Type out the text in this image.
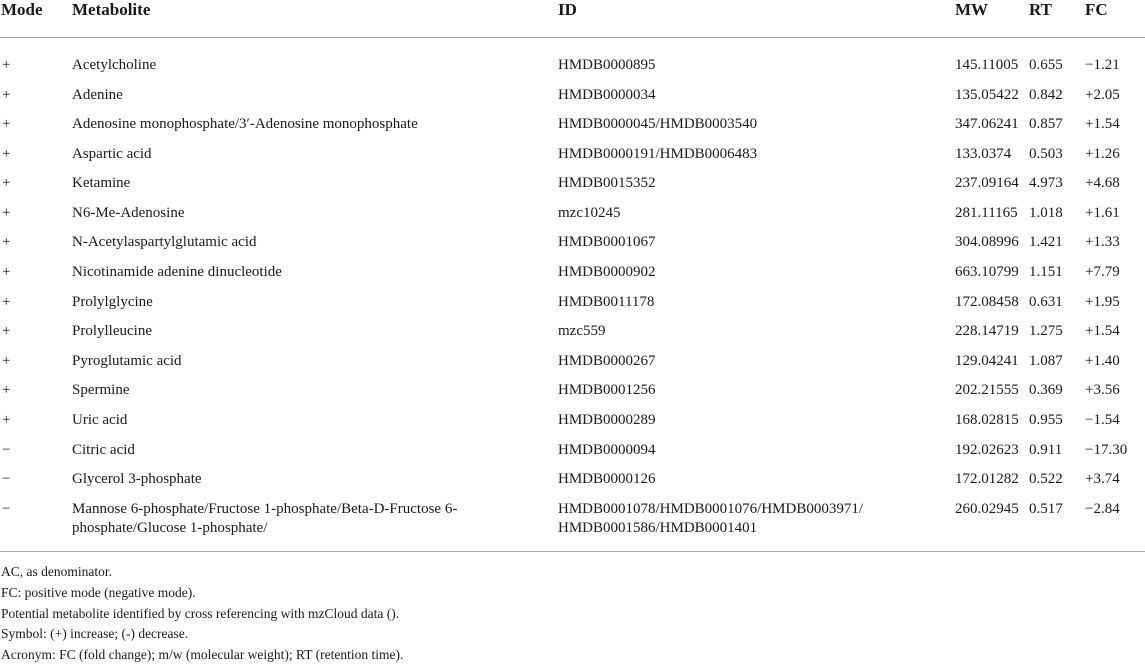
Mode	Metabolite	ID	MW	RT	FC
+	Acetylcholine	HMDB0000895	145.11005	0.655	−1.21
+	Adenine	HMDB0000034	135.05422	0.842	+2.05
+	Adenosine monophosphate/3′-Adenosine monophosphate	HMDB0000045/HMDB0003540	347.06241	0.857	+1.54
+	Aspartic acid	HMDB0000191/HMDB0006483	133.0374	0.503	+1.26
+	Ketamine	HMDB0015352	237.09164	4.973	+4.68
+	N6-Me-Adenosine	mzc10245	281.11165	1.018	+1.61
+	N-Acetylaspartylglutamic acid	HMDB0001067	304.08996	1.421	+1.33
+	Nicotinamide adenine dinucleotide	HMDB0000902	663.10799	1.151	+7.79
+	Prolylglycine	HMDB0011178	172.08458	0.631	+1.95
+	Prolylleucine	mzc559	228.14719	1.275	+1.54
+	Pyroglutamic acid	HMDB0000267	129.04241	1.087	+1.40
+	Spermine	HMDB0001256	202.21555	0.369	+3.56
+	Uric acid	HMDB0000289	168.02815	0.955	−1.54
−	Citric acid	HMDB0000094	192.02623	0.911	−17.30
−	Glycerol 3-phosphate	HMDB0000126	172.01282	0.522	+3.74
−	Mannose 6-phosphate/Fructose 1-phosphate/Beta-D-Fructose 6-phosphate/Glucose 1-phosphate/	HMDB0001078/HMDB0001076/HMDB0003971/ HMDB0001586/HMDB0001401	260.02945	0.517	−2.84
AC, as denominator.
FC: positive mode (negative mode).
Potential metabolite identified by cross referencing with mzCloud data ().
Symbol: (+) increase; (-) decrease.
Acronym: FC (fold change); m/w (molecular weight); RT (retention time).
